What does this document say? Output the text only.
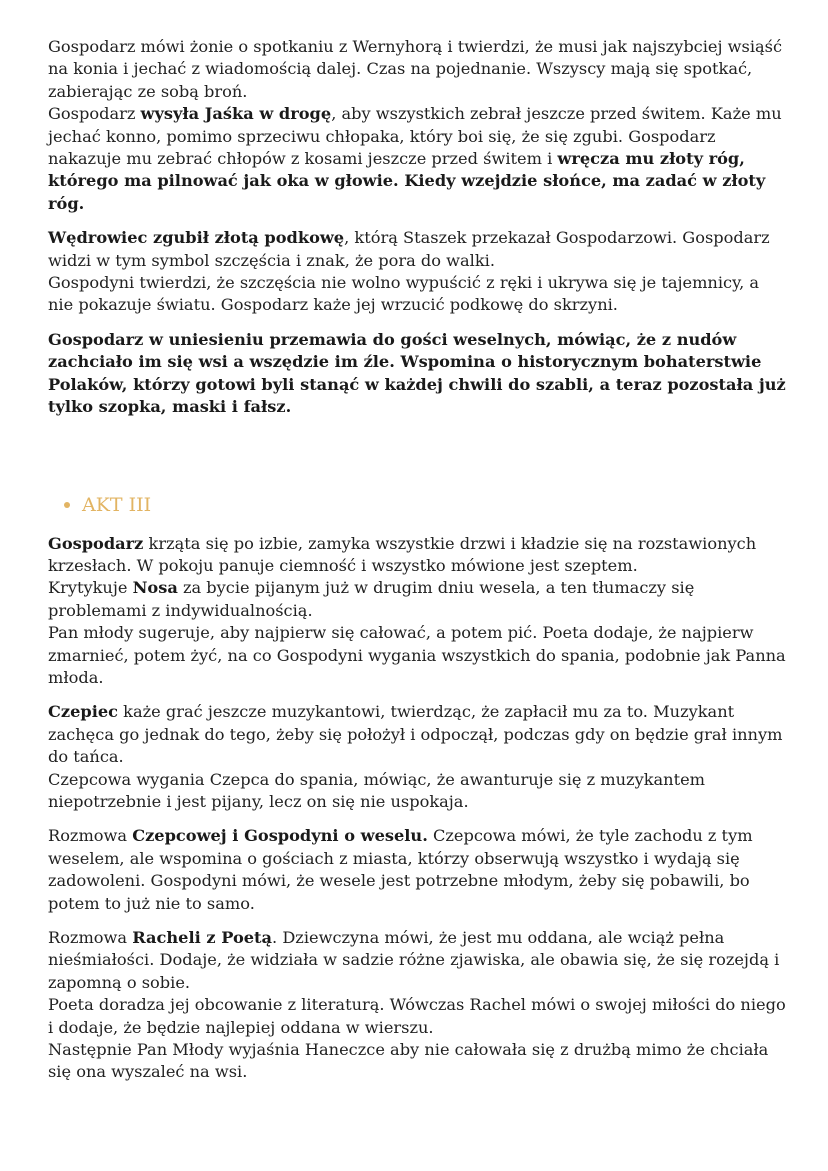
Gospodarz mówi żonie o spotkaniu z Wernyhorą i twierdzi, że musi jak najszybciej wsiąść na konia i jechać z wiadomością dalej. Czas na pojednanie. Wszyscy mają się spotkać, zabierając ze sobą broń.
Gospodarz wysyła Jaśka w drogę, aby wszystkich zebrał jeszcze przed świtem. Każe mu jechać konno, pomimo sprzeciwu chłopaka, który boi się, że się zgubi. Gospodarz nakazuje mu zebrać chłopów z kosami jeszcze przed świtem i wręcza mu złoty róg, którego ma pilnować jak oka w głowie. Kiedy wzejdzie słońce, ma zadać w złoty róg.

Wędrowiec zgubił złotą podkowę, którą Staszek przekazał Gospodarzowi. Gospodarz widzi w tym symbol szczęścia i znak, że pora do walki.
Gospodyni twierdzi, że szczęścia nie wolno wypuścić z ręki i ukrywa się je tajemnicy, a nie pokazuje światu. Gospodarz każe jej wrzucić podkowę do skrzyni.

Gospodarz w uniesieniu przemawia do gości weselnych, mówiąc, że z nudów zachciało im się wsi a wszędzie im źle. Wspomina o historycznym bohaterstwie Polaków, którzy gotowi byli stanąć w każdej chwili do szabli, a teraz pozostała już tylko szopka, maski i fałsz.

AKT III

Gospodarz krząta się po izbie, zamyka wszystkie drzwi i kładzie się na rozstawionych krzesłach. W pokoju panuje ciemność i wszystko mówione jest szeptem.
Krytykuje Nosa za bycie pijanym już w drugim dniu wesela, a ten tłumaczy się problemami z indywidualnością.
Pan młody sugeruje, aby najpierw się całować, a potem pić. Poeta dodaje, że najpierw zmarnieć, potem żyć, na co Gospodyni wygania wszystkich do spania, podobnie jak Panna młoda.

Czepiec każe grać jeszcze muzykantowi, twierdząc, że zapłacił mu za to. Muzykant zachęca go jednak do tego, żeby się położył i odpoczął, podczas gdy on będzie grał innym do tańca.
Czepcowa wygania Czepca do spania, mówiąc, że awanturuje się z muzykantem niepotrzebnie i jest pijany, lecz on się nie uspokaja.

Rozmowa Czepcowej i Gospodyni o weselu. Czepcowa mówi, że tyle zachodu z tym weselem, ale wspomina o gościach z miasta, którzy obserwują wszystko i wydają się zadowoleni. Gospodyni mówi, że wesele jest potrzebne młodym, żeby się pobawili, bo potem to już nie to samo.

Rozmowa Racheli z Poetą. Dziewczyna mówi, że jest mu oddana, ale wciąż pełna nieśmiałości. Dodaje, że widziała w sadzie różne zjawiska, ale obawia się, że się rozejdą i zapomną o sobie.
Poeta doradza jej obcowanie z literaturą. Wówczas Rachel mówi o swojej miłości do niego i dodaje, że będzie najlepiej oddana w wierszu.
Następnie Pan Młody wyjaśnia Haneczce aby nie całowała się z drużbą mimo że chciała się ona wyszaleć na wsi.
